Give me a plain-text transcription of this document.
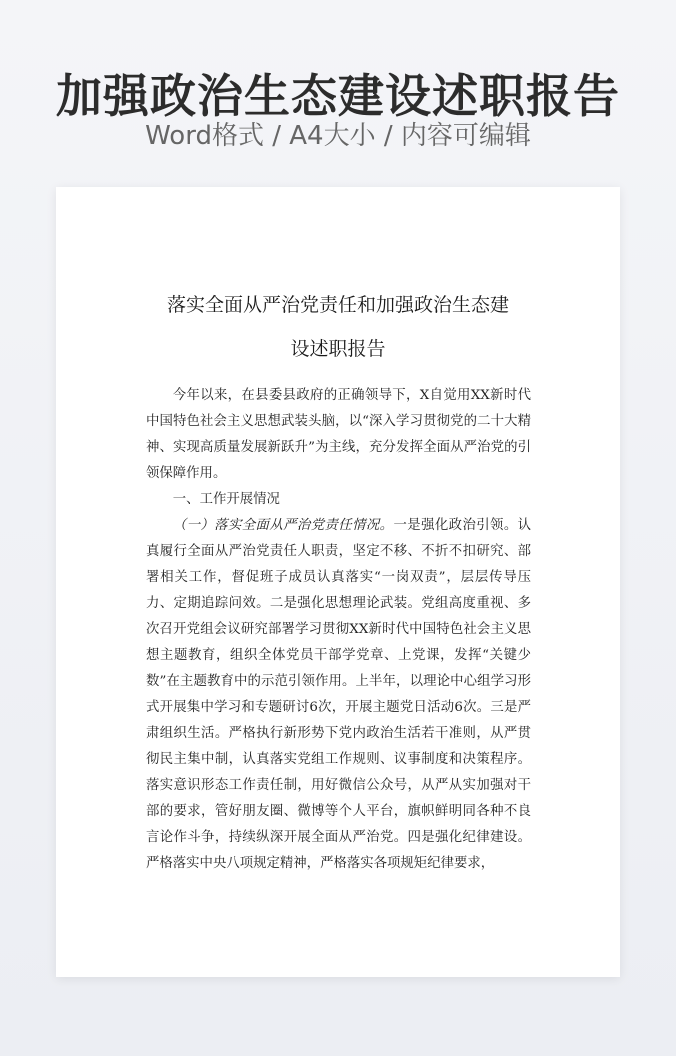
加强政治生态建设述职报告
Word格式 / A4大小 / 内容可编辑
落实全面从严治党责任和加强政治生态建
设述职报告

今年以来，在县委县政府的正确领导下，X自觉用XX新时代中国特色社会主义思想武装头脑，以“深入学习贯彻党的二十大精神、实现高质量发展新跃升”为主线，充分发挥全面从严治党的引领保障作用。

一、工作开展情况

（一）落实全面从严治党责任情况。一是强化政治引领。认真履行全面从严治党责任人职责，坚定不移、不折不扣研究、部署相关工作，督促班子成员认真落实“一岗双责”，层层传导压力、定期追踪问效。二是强化思想理论武装。党组高度重视、多次召开党组会议研究部署学习贯彻XX新时代中国特色社会主义思想主题教育，组织全体党员干部学党章、上党课，发挥“关键少数”在主题教育中的示范引领作用。上半年，以理论中心组学习形式开展集中学习和专题研讨6次，开展主题党日活动6次。三是严肃组织生活。严格执行新形势下党内政治生活若干准则，从严贯彻民主集中制，认真落实党组工作规则、议事制度和决策程序。落实意识形态工作责任制，用好微信公众号，从严从实加强对干部的要求，管好朋友圈、微博等个人平台，旗帜鲜明同各种不良言论作斗争，持续纵深开展全面从严治党。四是强化纪律建设。严格落实中央八项规定精神，严格落实各项规矩纪律要求，
